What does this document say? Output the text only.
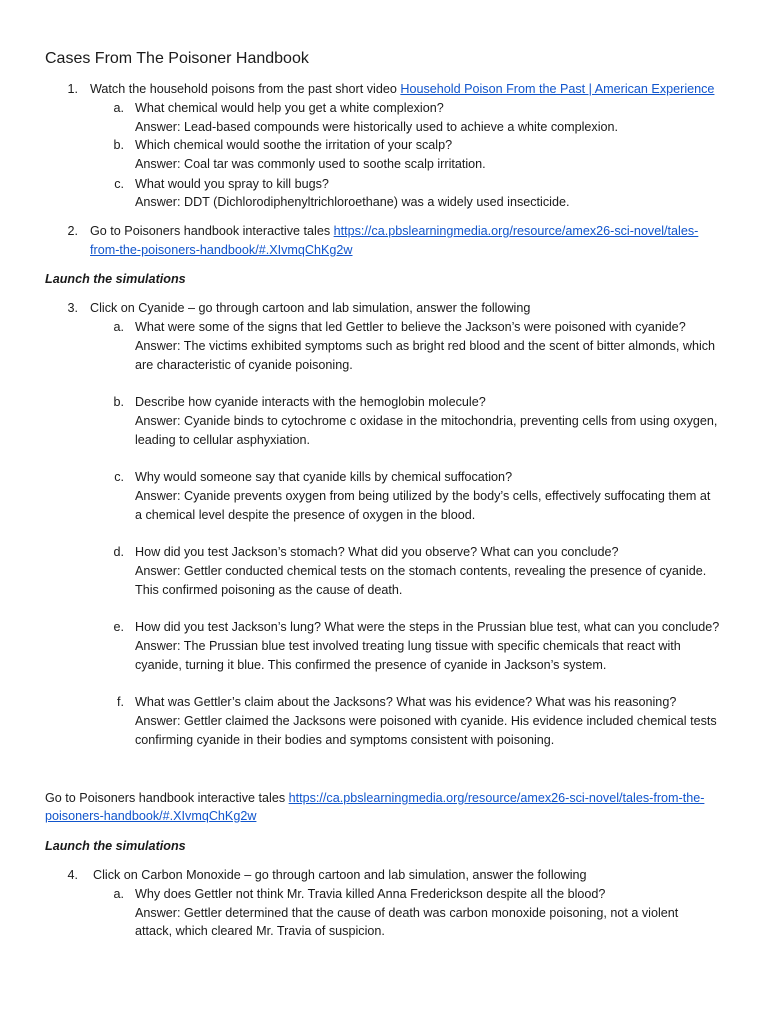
Cases From The Poisoner Handbook
1. Watch the household poisons from the past short video Household Poison From the Past | American Experience
a. What chemical would help you get a white complexion?
Answer: Lead-based compounds were historically used to achieve a white complexion.
b. Which chemical would soothe the irritation of your scalp?
Answer: Coal tar was commonly used to soothe scalp irritation.
c. What would you spray to kill bugs?
Answer: DDT (Dichlorodiphenyltrichloroethane) was a widely used insecticide.
2. Go to Poisoners handbook interactive tales https://ca.pbslearningmedia.org/resource/amex26-sci-novel/tales-
from-the-poisoners-handbook/#.XIvmqChKg2w
Launch the simulations
3. Click on Cyanide – go through cartoon and lab simulation, answer the following
a. What were some of the signs that led Gettler to believe the Jackson’s were poisoned with cyanide?
Answer: The victims exhibited symptoms such as bright red blood and the scent of bitter almonds, which
are characteristic of cyanide poisoning.
b. Describe how cyanide interacts with the hemoglobin molecule?
Answer: Cyanide binds to cytochrome c oxidase in the mitochondria, preventing cells from using oxygen,
leading to cellular asphyxiation.
c. Why would someone say that cyanide kills by chemical suffocation?
Answer: Cyanide prevents oxygen from being utilized by the body’s cells, effectively suffocating them at
a chemical level despite the presence of oxygen in the blood.
d. How did you test Jackson’s stomach? What did you observe? What can you conclude?
Answer: Gettler conducted chemical tests on the stomach contents, revealing the presence of cyanide.
This confirmed poisoning as the cause of death.
e. How did you test Jackson’s lung? What were the steps in the Prussian blue test, what can you conclude?
Answer: The Prussian blue test involved treating lung tissue with specific chemicals that react with
cyanide, turning it blue. This confirmed the presence of cyanide in Jackson’s system.
f. What was Gettler’s claim about the Jacksons? What was his evidence? What was his reasoning?
Answer: Gettler claimed the Jacksons were poisoned with cyanide. His evidence included chemical tests
confirming cyanide in their bodies and symptoms consistent with poisoning.
Go to Poisoners handbook interactive tales https://ca.pbslearningmedia.org/resource/amex26-sci-novel/tales-from-the-
poisoners-handbook/#.XIvmqChKg2w
Launch the simulations
4. Click on Carbon Monoxide – go through cartoon and lab simulation, answer the following
a. Why does Gettler not think Mr. Travia killed Anna Frederickson despite all the blood?
Answer: Gettler determined that the cause of death was carbon monoxide poisoning, not a violent
attack, which cleared Mr. Travia of suspicion.
